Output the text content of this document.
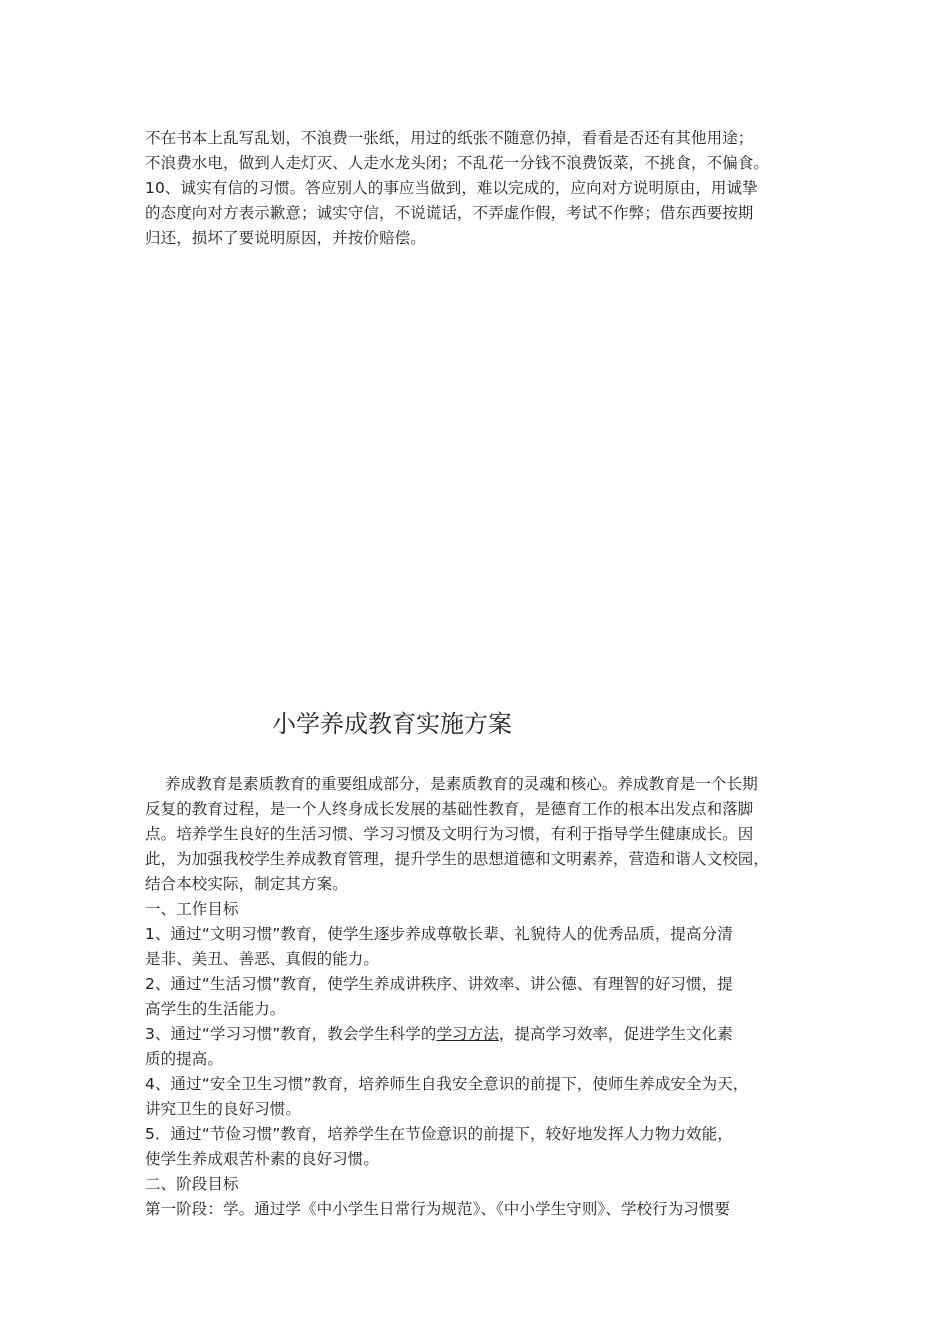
不在书本上乱写乱划，不浪费一张纸，用过的纸张不随意仍掉，看看是否还有其他用途；
不浪费水电，做到人走灯灭、人走水龙头闭；不乱花一分钱不浪费饭菜，不挑食，不偏食。
10、诚实有信的习惯。答应别人的事应当做到，难以完成的，应向对方说明原由，用诚挚
的态度向对方表示歉意；诚实守信，不说谎话，不弄虚作假，考试不作弊；借东西要按期
归还，损坏了要说明原因，并按价赔偿。
小学养成教育实施方案
养成教育是素质教育的重要组成部分，是素质教育的灵魂和核心。养成教育是一个长期
反复的教育过程，是一个人终身成长发展的基础性教育，是德育工作的根本出发点和落脚
点。培养学生良好的生活习惯、学习习惯及文明行为习惯，有利于指导学生健康成长。因
此，为加强我校学生养成教育管理，提升学生的思想道德和文明素养，营造和谐人文校园，
结合本校实际，制定其方案。
一、工作目标
1、通过“文明习惯”教育，使学生逐步养成尊敬长辈、礼貌待人的优秀品质，提高分清
是非、美丑、善恶、真假的能力。
2、通过“生活习惯”教育，使学生养成讲秩序、讲效率、讲公德、有理智的好习惯，提
高学生的生活能力。
3、通过“学习习惯”教育，教会学生科学的学习方法，提高学习效率，促进学生文化素
质的提高。
4、通过“安全卫生习惯”教育，培养师生自我安全意识的前提下，使师生养成安全为天，
讲究卫生的良好习惯。
5．通过“节俭习惯”教育，培养学生在节俭意识的前提下，较好地发挥人力物力效能，
使学生养成艰苦朴素的良好习惯。
二、阶段目标
第一阶段：学。通过学《中小学生日常行为规范》、《中小学生守则》、学校行为习惯要
